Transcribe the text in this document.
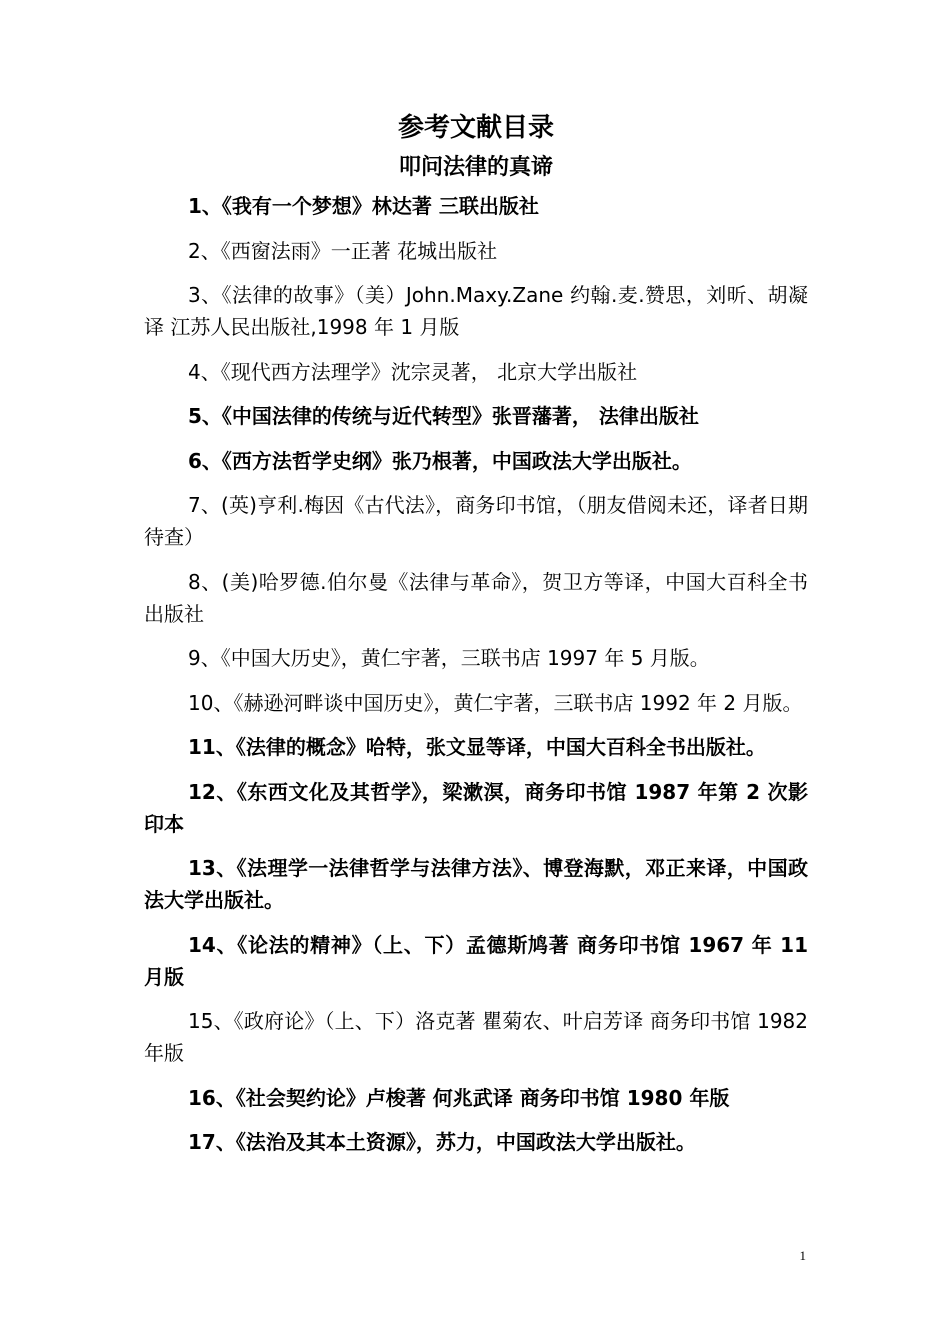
参考文献目录
叩问法律的真谛

1、《我有一个梦想》林达著 三联出版社

2、《西窗法雨》一正著 花城出版社

3、《法律的故事》（美）John.Maxy.Zane 约翰.麦.赞思，刘昕、胡凝译 江苏人民出版社,1998 年 1 月版

4、《现代西方法理学》沈宗灵著， 北京大学出版社

5、《中国法律的传统与近代转型》张晋藩著， 法律出版社

6、《西方法哲学史纲》张乃根著，中国政法大学出版社。

7、(英)亨利.梅因《古代法》，商务印书馆，（朋友借阅未还，译者日期待查）

8、(美)哈罗德.伯尔曼《法律与革命》，贺卫方等译，中国大百科全书出版社

9、《中国大历史》，黄仁宇著，三联书店 1997 年 5 月版。

10、《赫逊河畔谈中国历史》，黄仁宇著，三联书店 1992 年 2 月版。

11、《法律的概念》哈特，张文显等译，中国大百科全书出版社。

12、《东西文化及其哲学》，梁漱溟，商务印书馆 1987 年第 2 次影印本

13、《法理学一法律哲学与法律方法》、博登海默，邓正来译，中国政法大学出版社。

14、《论法的精神》（上、下）孟德斯鸠著 商务印书馆 1967 年 11 月版

15、《政府论》（上、下）洛克著 瞿菊农、叶启芳译 商务印书馆 1982 年版

16、《社会契约论》卢梭著 何兆武译 商务印书馆 1980 年版

17、《法治及其本土资源》，苏力，中国政法大学出版社。

1
